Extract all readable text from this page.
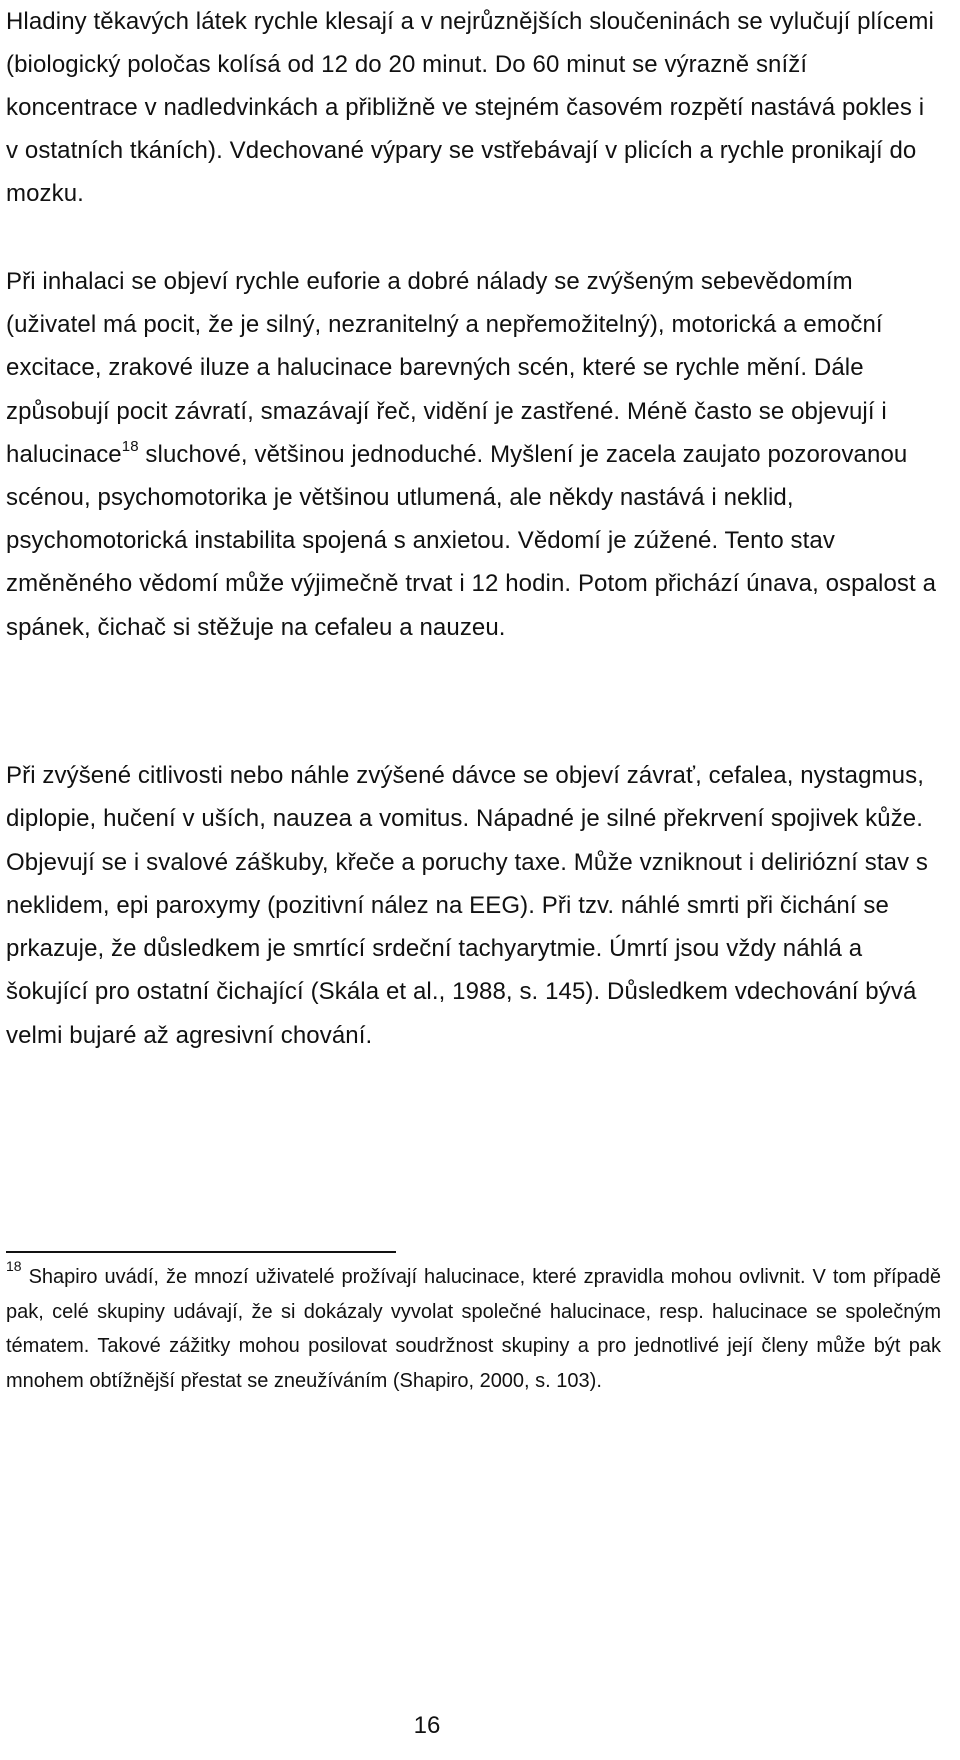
Hladiny těkavých látek rychle klesají a v nejrůznějších sloučeninách se vylučují plícemi (biologický poločas kolísá od 12 do 20 minut. Do 60 minut se výrazně sníží koncentrace v nadledvinkách a přibližně ve stejném časovém rozpětí nastává pokles i v ostatních tkáních). Vdechované výpary se vstřebávají v plicích a rychle pronikají do mozku.

Při inhalaci se objeví rychle euforie a dobré nálady se zvýšeným sebevědomím (uživatel má pocit, že je silný, nezranitelný a nepřemožitelný), motorická a emoční excitace, zrakové iluze a halucinace barevných scén, které se rychle mění. Dále způsobují pocit závratí, smazávají řeč, vidění je zastřené. Méně často se objevují i halucinace$^{18}$ sluchové, většinou jednoduché. Myšlení je zacela zaujato pozorovanou scénou, psychomotorika je většinou utlumená, ale někdy nastává i neklid, psychomotorická instabilita spojená s anxietou. Vědomí je zúžené. Tento stav změněného vědomí může výjimečně trvat i 12 hodin. Potom přichází únava, ospalost a spánek, čichač si stěžuje na cefaleu a nauzeu.

Při zvýšené citlivosti nebo náhle zvýšené dávce se objeví závrať, cefalea, nystagmus, diplopie, hučení v uších, nauzea a vomitus. Nápadné je silné překrvení spojivek kůže. Objevují se i svalové záškuby, křeče a poruchy taxe. Může vzniknout i deliriózní stav s neklidem, epi paroxymy (pozitivní nález na EEG). Při tzv. náhlé smrti při čichání se prkazuje, že důsledkem je smrtící srdeční tachyarytmie. Úmrtí jsou vždy náhlá a šokující pro ostatní čichající (Skála et al., 1988, s. 145). Důsledkem vdechování bývá velmi bujaré až agresivní chování.

$^{18}$ Shapiro uvádí, že mnozí uživatelé prožívají halucinace, které zpravidla mohou ovlivnit. V tom případě pak, celé skupiny udávají, že si dokázaly vyvolat společné halucinace, resp. halucinace se společným tématem. Takové zážitky mohou posilovat soudržnost skupiny a pro jednotlivé její členy může být pak mnohem obtížnější přestat se zneužíváním (Shapiro, 2000, s. 103).

16
